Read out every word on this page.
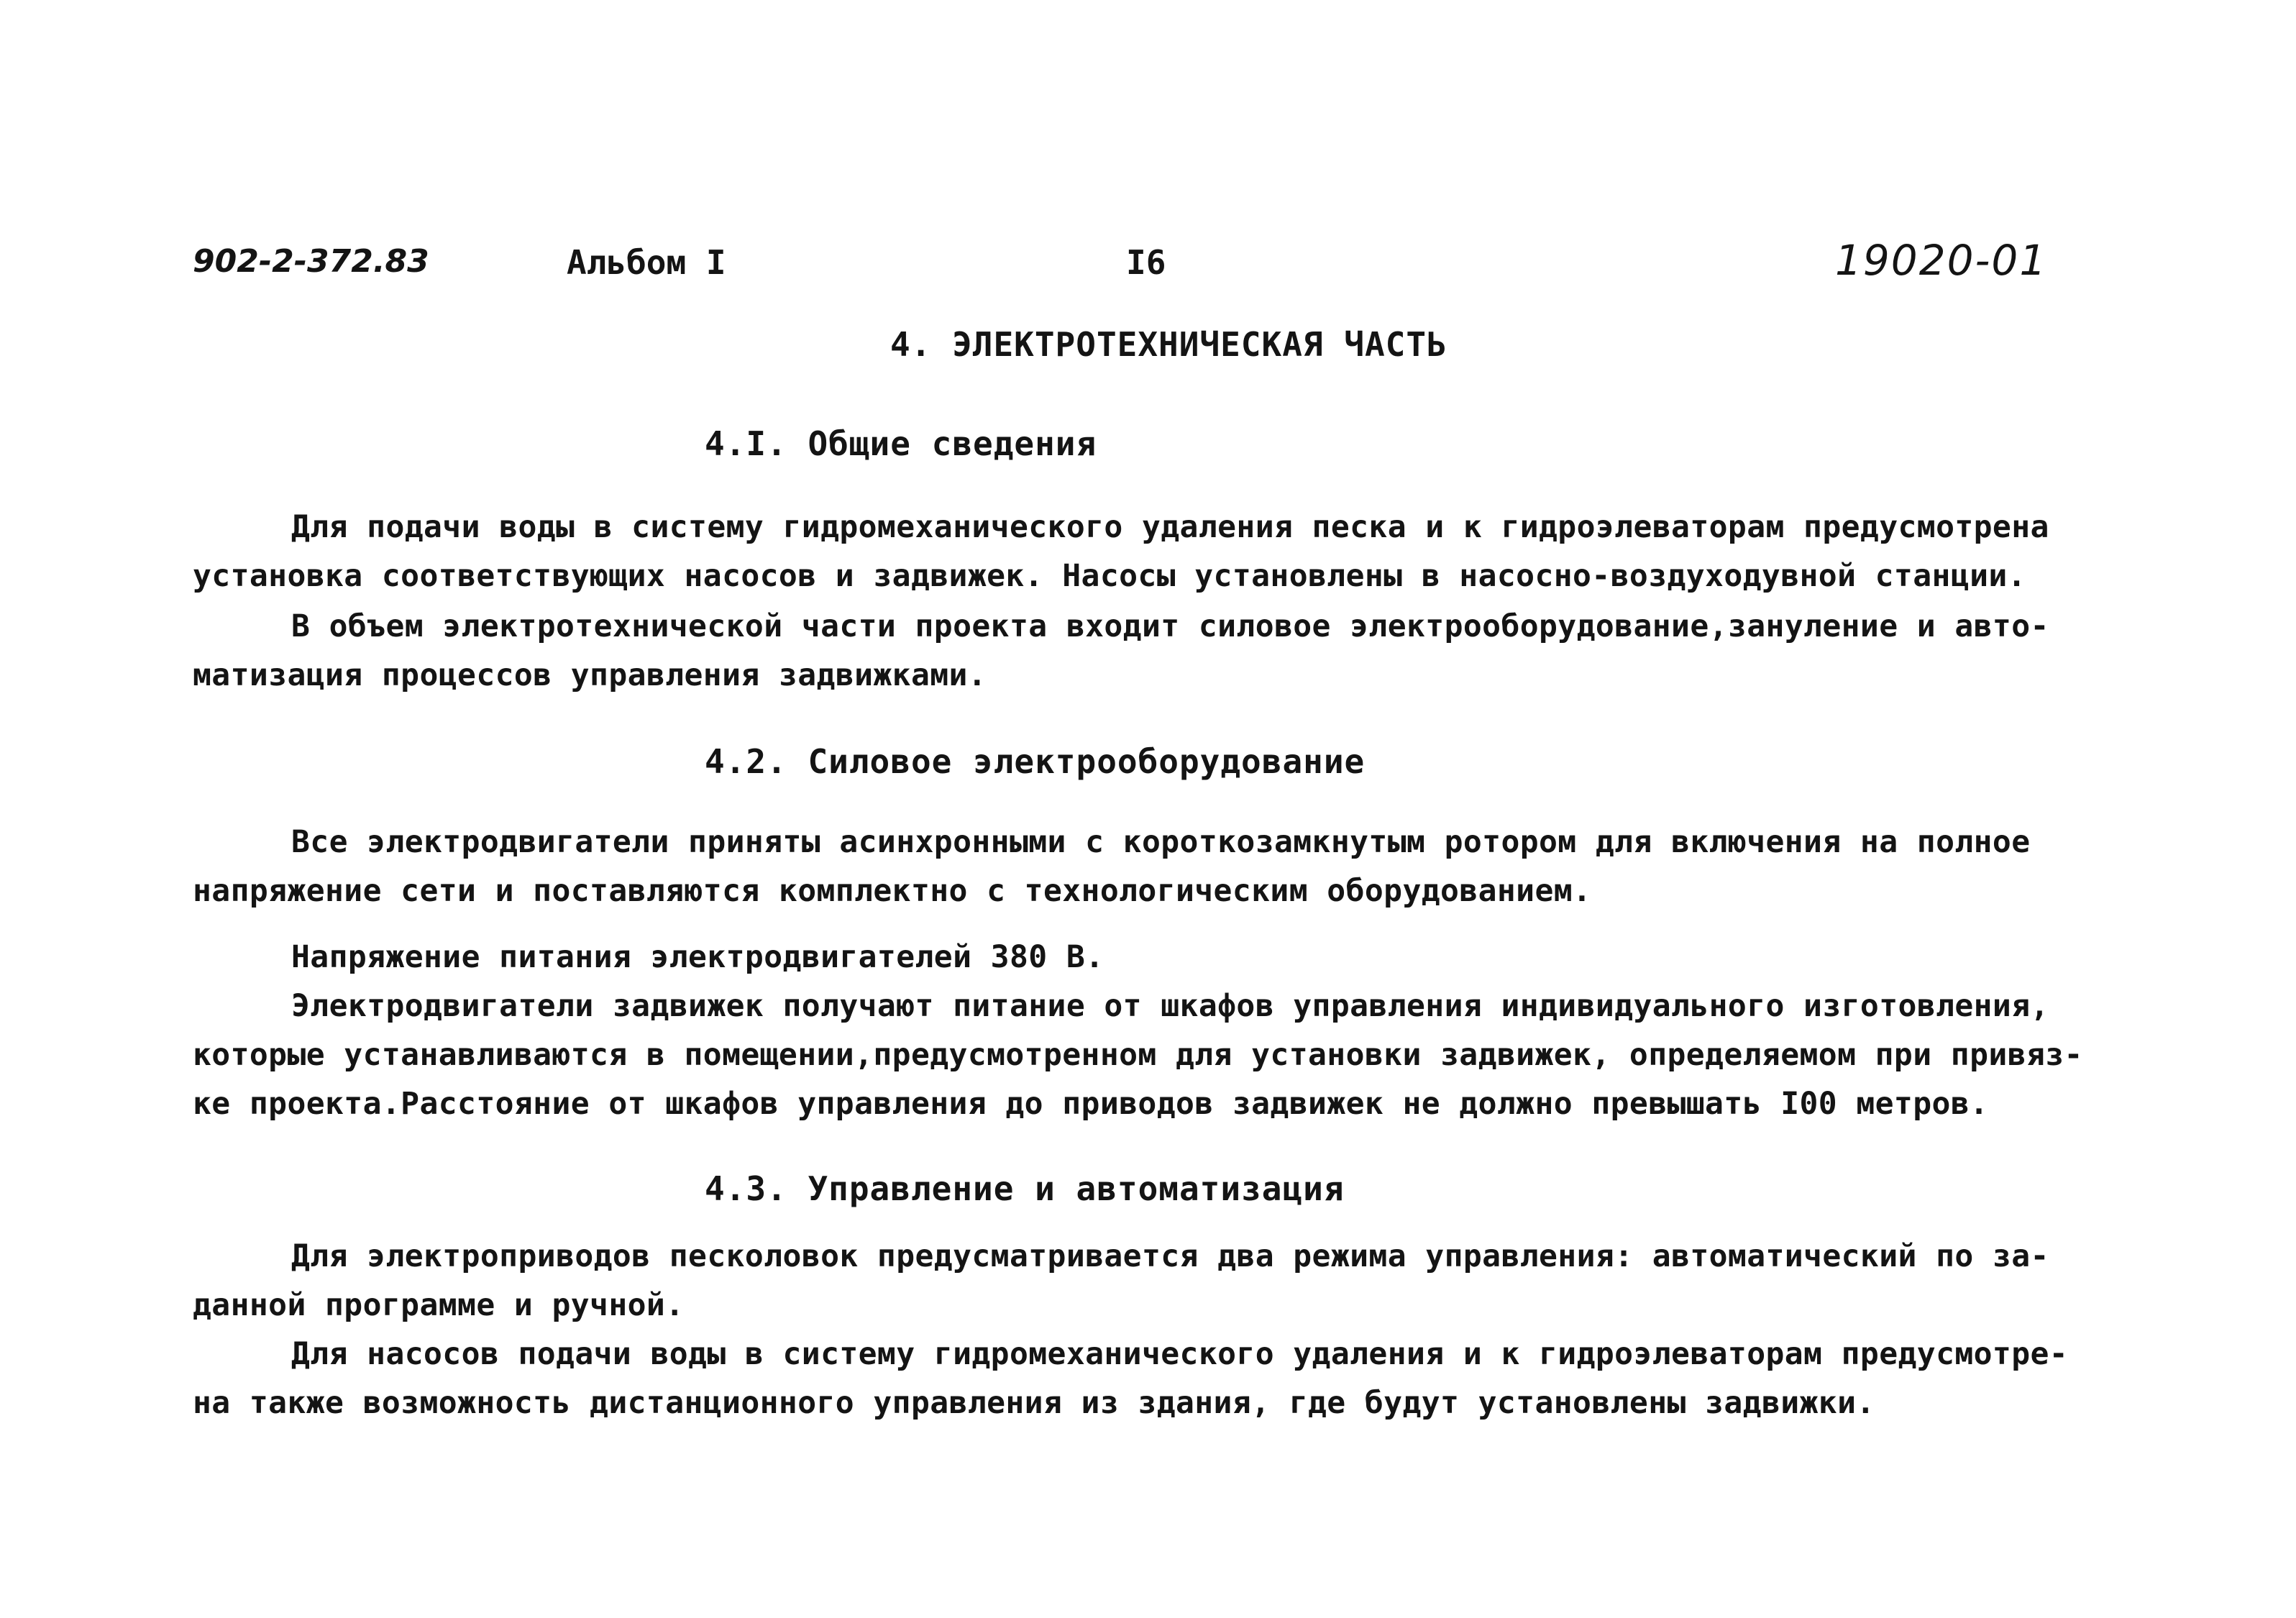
902-2-372.83	Альбом I	I6	19020-01
4. ЭЛЕКТРОТЕХНИЧЕСКАЯ ЧАСТЬ
4.I. Общие сведения
Для подачи воды в систему гидромеханического удаления песка и к гидроэлеваторам предусмотрена
установка соответствующих насосов и задвижек. Насосы установлены в насосно-воздуходувной станции.
В объем электротехнической части проекта входит силовое электрооборудование,зануление и авто-
матизация процессов управления задвижками.
4.2. Силовое электрооборудование
Все электродвигатели приняты асинхронными с короткозамкнутым ротором для включения на полное
напряжение сети и поставляются комплектно с технологическим оборудованием.
Напряжение питания электродвигателей 380 В.
Электродвигатели задвижек получают питание от шкафов управления индивидуального изготовления,
которые устанавливаются в помещении,предусмотренном для установки задвижек, определяемом при привяз-
ке проекта.Расстояние от шкафов управления до приводов задвижек не должно превышать I00 метров.
4.3. Управление и автоматизация
Для электроприводов песколовок предусматривается два режима управления: автоматический по за-
данной программе и ручной.
Для насосов подачи воды в систему гидромеханического удаления и к гидроэлеваторам предусмотре-
на также возможность дистанционного управления из здания, где будут установлены задвижки.
